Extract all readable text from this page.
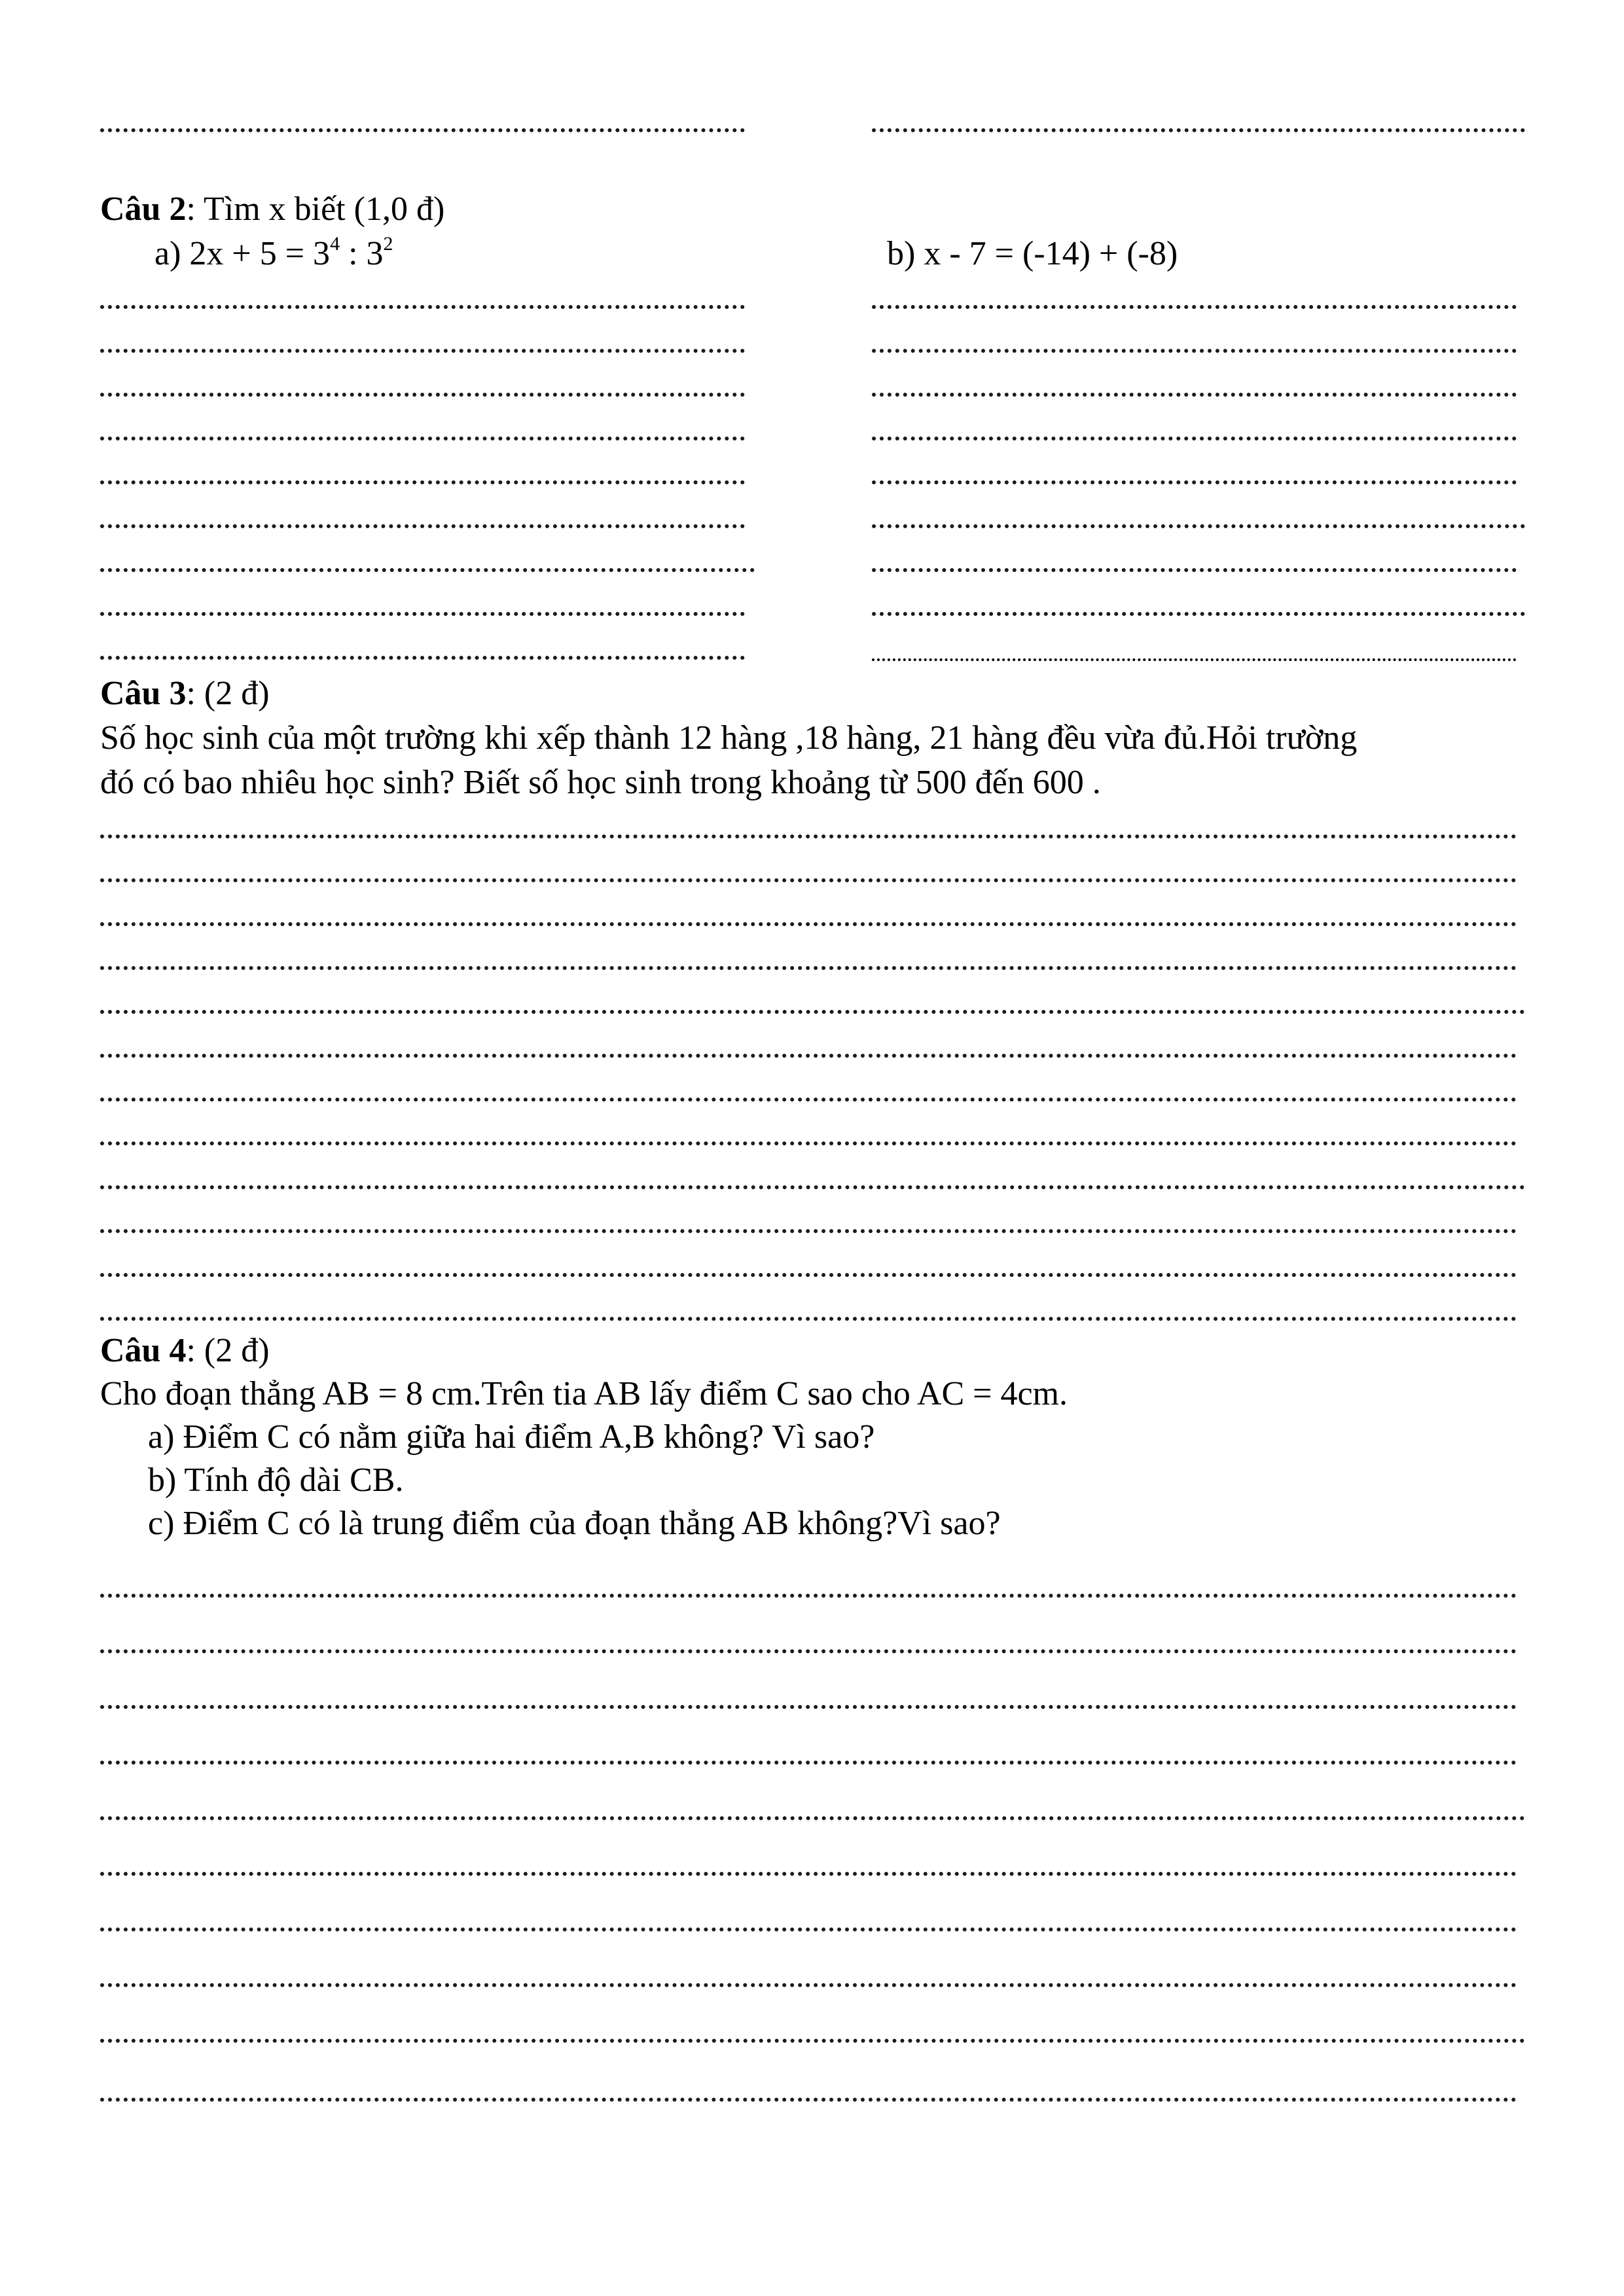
Câu 2: Tìm x biết (1,0 đ)
a) $2x + 5 = 3^4$ : $3^2$	b) x - 7 = (-14) + (-8)
Câu 3: (2 đ)
Số học sinh của một trường khi xếp thành 12 hàng ,18 hàng, 21 hàng đều vừa đủ.Hỏi trường
đó có bao nhiêu học sinh? Biết số học sinh trong khoảng từ 500 đến 600 .
Câu 4: (2 đ)
Cho đoạn thẳng AB = 8 cm.Trên tia AB lấy điểm C sao cho AC = 4cm.
a) Điểm C có nằm giữa hai điểm A,B không? Vì sao?
b) Tính độ dài CB.
c) Điểm C có là trung điểm của đoạn thẳng AB không?Vì sao?
